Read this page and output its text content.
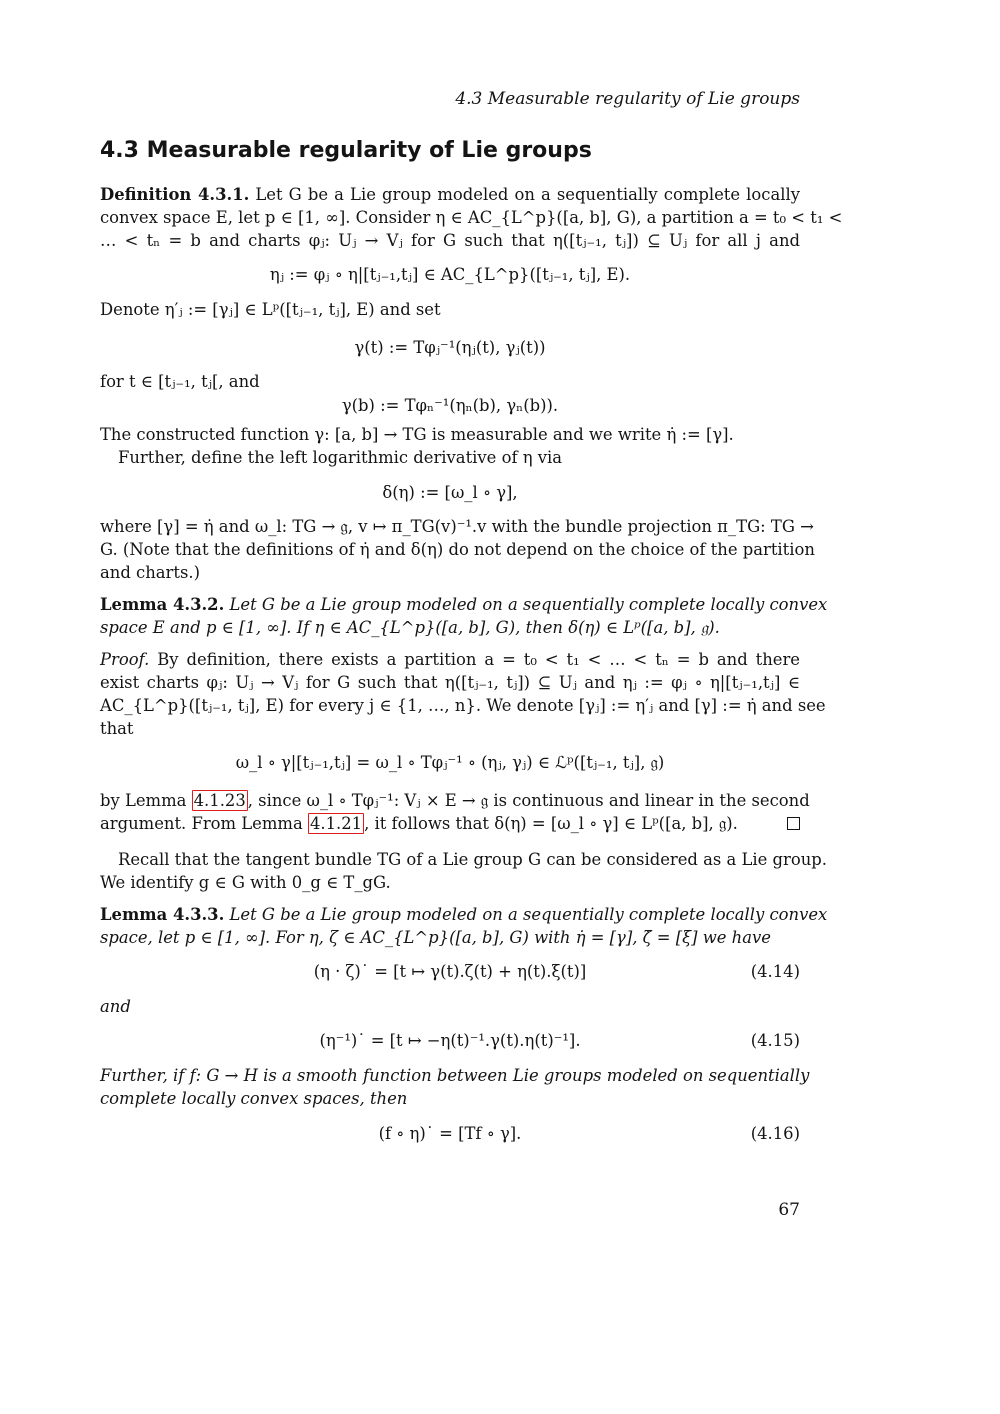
4.3 Measurable regularity of Lie groups
4.3 Measurable regularity of Lie groups
Definition 4.3.1. Let G be a Lie group modeled on a sequentially complete locally
convex space E, let p ∈ [1, ∞]. Consider η ∈ AC_{L^p}([a, b], G), a partition a = t₀ < t₁ <
… < tₙ = b and charts φⱼ: Uⱼ → Vⱼ for G such that η([tⱼ₋₁, tⱼ]) ⊆ Uⱼ for all j and
ηⱼ := φⱼ ∘ η|[tⱼ₋₁,tⱼ] ∈ AC_{L^p}([tⱼ₋₁, tⱼ], E).
Denote η′ⱼ := [γⱼ] ∈ Lᵖ([tⱼ₋₁, tⱼ], E) and set
γ(t) := Tφⱼ⁻¹(ηⱼ(t), γⱼ(t))
for t ∈ [tⱼ₋₁, tⱼ[, and
γ(b) := Tφₙ⁻¹(ηₙ(b), γₙ(b)).
The constructed function γ: [a, b] → TG is measurable and we write η̇ := [γ].
Further, define the left logarithmic derivative of η via
δ(η) := [ω_l ∘ γ],
where [γ] = η̇ and ω_l: TG → 𝔤, v ↦ π_TG(v)⁻¹.v with the bundle projection π_TG: TG →
G. (Note that the definitions of η̇ and δ(η) do not depend on the choice of the partition
and charts.)
Lemma 4.3.2. Let G be a Lie group modeled on a sequentially complete locally convex
space E and p ∈ [1, ∞]. If η ∈ AC_{L^p}([a, b], G), then δ(η) ∈ Lᵖ([a, b], 𝔤).
Proof. By definition, there exists a partition a = t₀ < t₁ < … < tₙ = b and there
exist charts φⱼ: Uⱼ → Vⱼ for G such that η([tⱼ₋₁, tⱼ]) ⊆ Uⱼ and ηⱼ := φⱼ ∘ η|[tⱼ₋₁,tⱼ] ∈
AC_{L^p}([tⱼ₋₁, tⱼ], E) for every j ∈ {1, …, n}. We denote [γⱼ] := η′ⱼ and [γ] := η̇ and see
that
ω_l ∘ γ|[tⱼ₋₁,tⱼ] = ω_l ∘ Tφⱼ⁻¹ ∘ (ηⱼ, γⱼ) ∈ ℒᵖ([tⱼ₋₁, tⱼ], 𝔤)
by Lemma 4.1.23 , since ω_l ∘ Tφⱼ⁻¹: Vⱼ × E → 𝔤 is continuous and linear in the second
argument. From Lemma 4.1.21 , it follows that δ(η) = [ω_l ∘ γ] ∈ Lᵖ([a, b], 𝔤).
Recall that the tangent bundle TG of a Lie group G can be considered as a Lie group.
We identify g ∈ G with 0_g ∈ T_gG.
Lemma 4.3.3. Let G be a Lie group modeled on a sequentially complete locally convex
space, let p ∈ [1, ∞]. For η, ζ ∈ AC_{L^p}([a, b], G) with η̇ = [γ], ζ̇ = [ξ] we have
(η · ζ)˙ = [t ↦ γ(t).ζ(t) + η(t).ξ(t)]	(4.14)
and
(η⁻¹)˙ = [t ↦ −η(t)⁻¹.γ(t).η(t)⁻¹].	(4.15)
Further, if f: G → H is a smooth function between Lie groups modeled on sequentially
complete locally convex spaces, then
(f ∘ η)˙ = [Tf ∘ γ].	(4.16)
67
